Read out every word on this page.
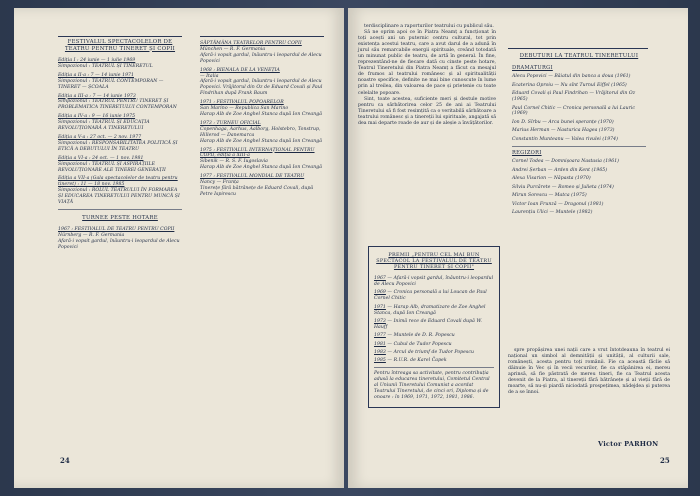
FESTIVALUL SPECTACOLELOR DE TEATRU PENTRU TINERET ȘI COPII
Ediția I : 24 iunie — 1 iulie 1969
Simpozionul : TEATRUL ȘI TINERETUL
Ediția a II-a : 7 — 14 iunie 1971
Simpozionul : TEATRUL CONTEMPORAN — TINERET — ȘCOALA
Ediția a III-a : 7 — 14 iunie 1973
Simpozionul : TEATRUL PENTRU TINERET ȘI PROBLEMATICA TINERETULUI CONTEMPORAN
Ediția a IV-a : 9 — 16 iunie 1975
Simpozionul : TEATRUL ȘI EDUCAȚIA REVOLUȚIONARĂ A TINERETULUI
Ediția a V-a : 27 oct. — 2 nov. 1977
Simpozionul : RESPONSABILITATEA POLITICĂ ȘI ETICĂ A DEBUTULUI ÎN TEATRU
Ediția a VI-a : 24 oct. — 1 nov. 1981
Simpozionul : TEATRUL ȘI ASPIRAȚIILE REVOLUȚIONARE ALE TINEREI GENERAȚII
Ediția a VII-a (Gala spectacolelor de teatru pentru tineret) : 11 — 18 nov. 1985
Simpozionul : ROLUL TEATRULUI ÎN FORMAREA ȘI EDUCAREA TINERETULUI PENTRU MUNCĂ ȘI VIAȚĂ
TURNEE PESTE HOTARE
1967 : FESTIVALUL DE TEATRU PENTRU COPII
Nürnberg — R. F. Germania
Afară-i vopsit gardul, înăuntru-i leopardul de Alecu Popovici
SĂPTĂMÂNA TEATRELOR PENTRU COPII
München — R. F. Germania
Afară-i vopsit gardul, înăuntru-i leopardul de Alecu Popovici
1968 : BIENALA DE LA VENEȚIA
— Italia
Afară-i vopsit gardul, înăuntru-i leopardul de Alecu Popovici. Vrăjitorul din Oz de Eduard Covali și Paul Findrihan după Frank Baum
1971 : FESTIVALUL POPOARELOR
San Marino — Republica San Marino
Harap Alb de Zoe Anghel Stanca după Ion Creangă
1973 : TURNEU OFICIAL
Copenhaga, Aarhus, Aalborg, Holstebro, Tonstrup, Hillerod — Danemarca
Harap Alb de Zoe Anghel Stanca după Ion Creangă
1975 : FESTIVALUL INTERNAȚIONAL PENTRU COPII, ediția a XIII-a
Sibenik — R. S. F. Iugoslavia
Harap Alb de Zoe Anghel Stanca după Ion Creangă
1977 : FESTIVALUL MONDIAL DE TEATRU
Nancy — Franța
Tinerețe fără bătrânețe de Eduard Covali, după Petre Ispirescu
24

terdisciplinare a raporturilor teatrului cu publicul său.

Să ne oprim apoi ce în Piatra Neamț a funcționat în toți acești ani un puternic centru cultural, tot prin existența acestui teatru, care a avut darul de a adună în jurul său remarcabile energii spirituale, creând totodată un minunat public de teatru, de artă în general. În fine, reprezentând-ne de fiecare dată cu cinste peste hotare, Teatrul Tineretului din Piatra Neamț a făcut ca mesajul de frumos al teatrului românesc și al spiritualității noastre specifice, definite ne mai bine cunoscute în lume prin al treilea, din valoarea de pace și prietenie cu toate celelalte popoare.

Sint, toate acestea, suficiente meri și destule motive pentru ca sărbătorirea celor 25 de ani ai Teatrului Tineretului să fi fost resimțită ca o veritabilă sărbătoare a teatrului românesc și a tinereții lui spirituale, angajată să dea mai departe roade de aur și de aleșie a învățătorilor.

PREMII „PENTRU CEL MAI BUN SPECTACOL LA FESTIVALUL DE TEATRU PENTRU TINERET ȘI COPII"

1967 — Afară-i vopsit gardul, înăuntru-i leopardul de Alecu Popovici

1969 — Cronica personală a lui Loucan de Paul Cornel Chitic

1971 — Harap Alb, dramatizare de Zoe Anghel Stanca, după Ion Creangă

1973 — Inimă rece de Eduard Covali după W. Hauff

1977 — Muntele de D. R. Popescu

1981 — Cubul de Tudor Popescu

1983 — Arcul de triumf de Tudor Popescu

1985 — R.U.R. de Karel Čapek

Pentru întreaga sa activitate, pentru contribuția adusă la educarea tineretului, Comitetul Central al Uniunii Tineretului Comunist a acordat Teatrului Tineretului, de cinci ori, Diploma și de onoare : în 1969, 1971, 1972, 1981, 1986.

DEBUTURI LA TEATRUL TINERETULUI
DRAMATURGI

Alecu Popovici — Băiatul din banca a doua (1961)

Ecaterina Oproiu — Nu sînt Turnul Eiffel (1965)

Eduard Covali și Paul Findrihan — Vrăjitorul din Oz (1965)

Paul Cornel Chitic — Cronica personală a lui Lauric (1969)

Ion D. Sîrbu — Arca bunei speranțe (1970)

Marius Herman — Nasturica Hagea (1973)

Constantin Munteanu — Valea rivulei (1974)

REGIZORI

Cornel Todea — Domnișoara Nastasia (1961)

Andrei Șerban — Arden din Kent (1965)

Alexa Visarion — Năpasta (1970)

Silviu Purcărete — Romeo și Julieta (1974)

Mirun Sorescu — Matca (1975)

Victor Ioan Frunză — Dragonul (1981)

Laurențiu Ulici — Muntele (1982)

spre propășirea unei nații care a vrut întotdeauna în teatrul ei național un simbol al demnității și unității, al culturii sale, românești, acesta pentru toți românii. Fie ca această făclie să dăinuie în Vec și în vecii vecurilor, fie ca stăpânirea ei, mereu aprinsă, să fie păstrată de mereu tineri, fie ca Teatrul acesta devenit de la Piatra, al tinereții fără bătrânețe și al vieții fără de moarte, să nu-și piardă niciodată prospețimea, nădejdea și puterea de a se înnoi.

Victor PARHON
25
